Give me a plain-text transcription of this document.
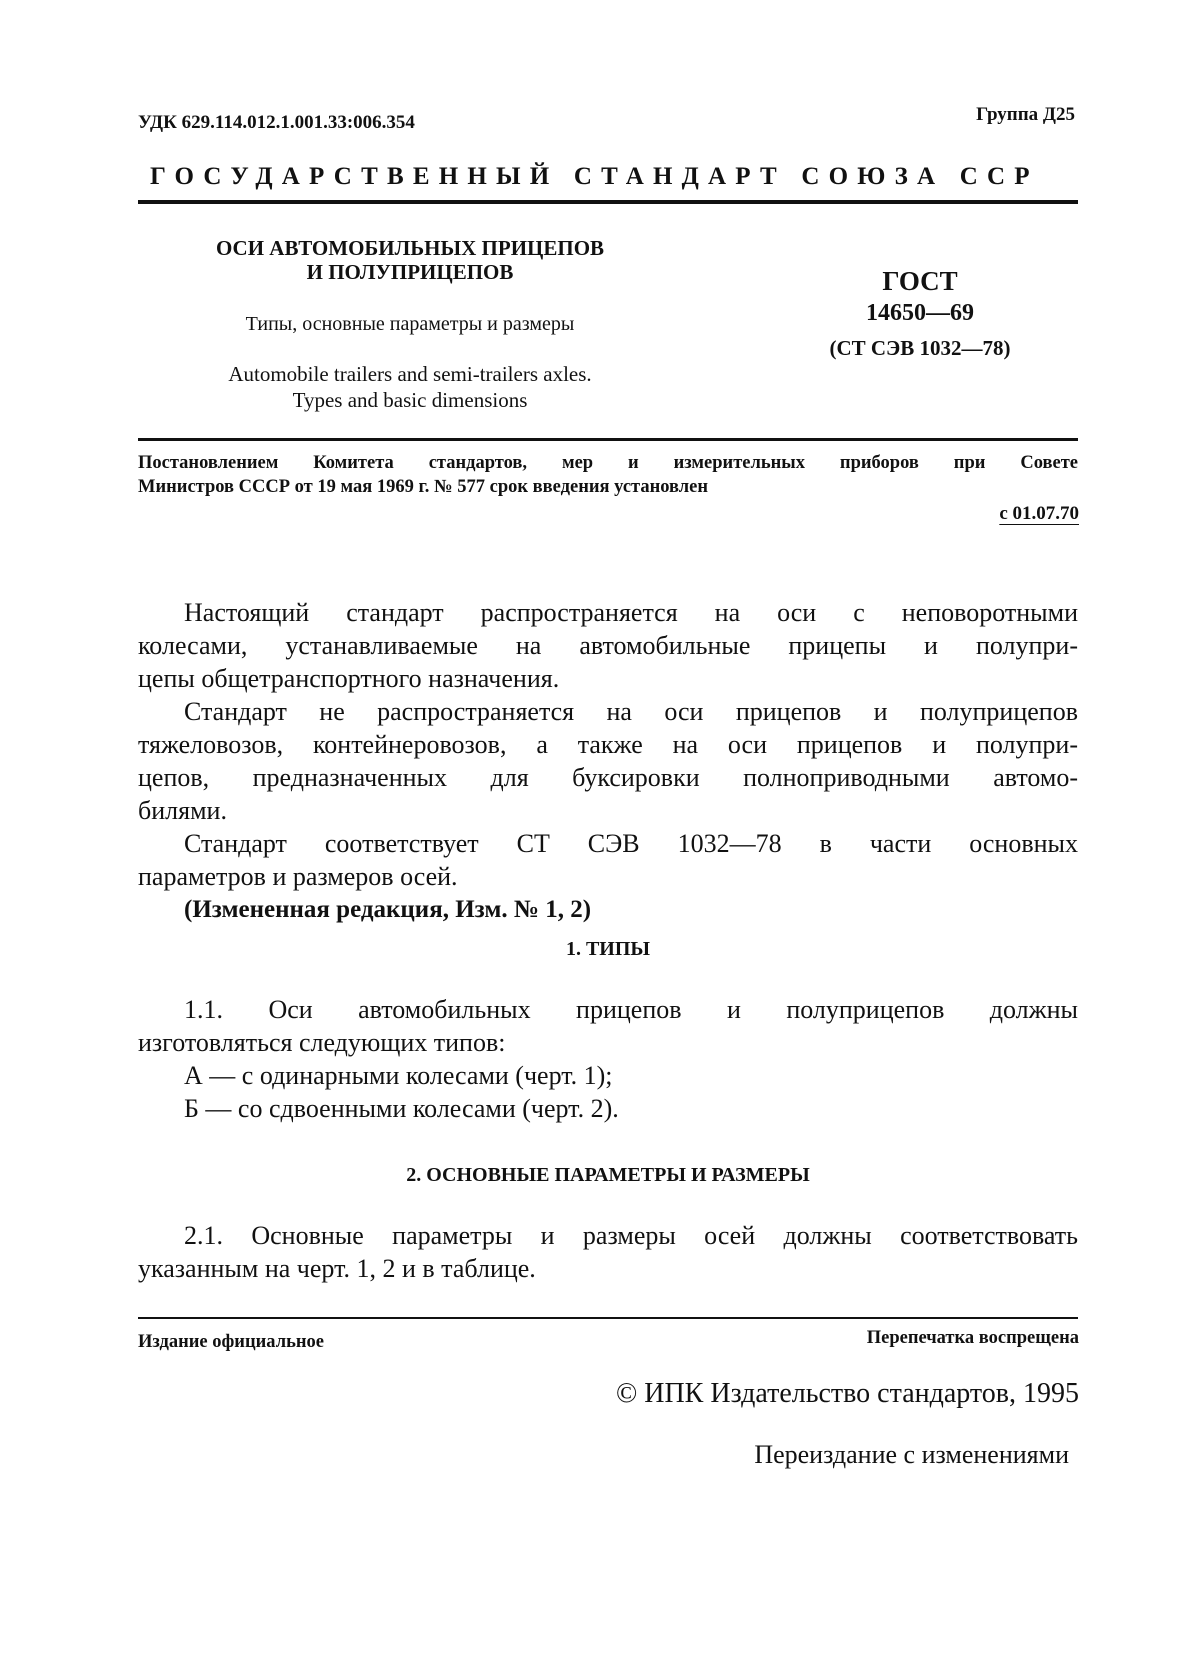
УДК 629.114.012.1.001.33:006.354	Группа Д25
ГОСУДАРСТВЕННЫЙ СТАНДАРТ СОЮЗА ССР
ОСИ АВТОМОБИЛЬНЫХ ПРИЦЕПОВ
И ПОЛУПРИЦЕПОВ
Типы, основные параметры и размеры
Automobile trailers and semi-trailers axles.
Types and basic dimensions
ГОСТ
14650—69
(СТ СЭВ 1032—78)
Постановлением Комитета стандартов, мер и измерительных приборов при Совете
Министров СССР от 19 мая 1969 г. № 577 срок введения установлен
с 01.07.70
Настоящий стандарт распространяется на оси с неповоротными
колесами, устанавливаемые на автомобильные прицепы и полупри-
цепы общетранспортного назначения.
Стандарт не распространяется на оси прицепов и полуприцепов
тяжеловозов, контейнеровозов, а также на оси прицепов и полупри-
цепов, предназначенных для буксировки полноприводными автомо-
билями.
Стандарт соответствует СТ СЭВ 1032—78 в части основных
параметров и размеров осей.
(Измененная редакция, Изм. № 1, 2)
1. ТИПЫ
1.1. Оси автомобильных прицепов и полуприцепов должны
изготовляться следующих типов:
А — с одинарными колесами (черт. 1);
Б — со сдвоенными колесами (черт. 2).
2. ОСНОВНЫЕ ПАРАМЕТРЫ И РАЗМЕРЫ
2.1. Основные параметры и размеры осей должны соответствовать
указанным на черт. 1, 2 и в таблице.
Издание официальное	Перепечатка воспрещена
© ИПК Издательство стандартов, 1995
Переиздание с изменениями
